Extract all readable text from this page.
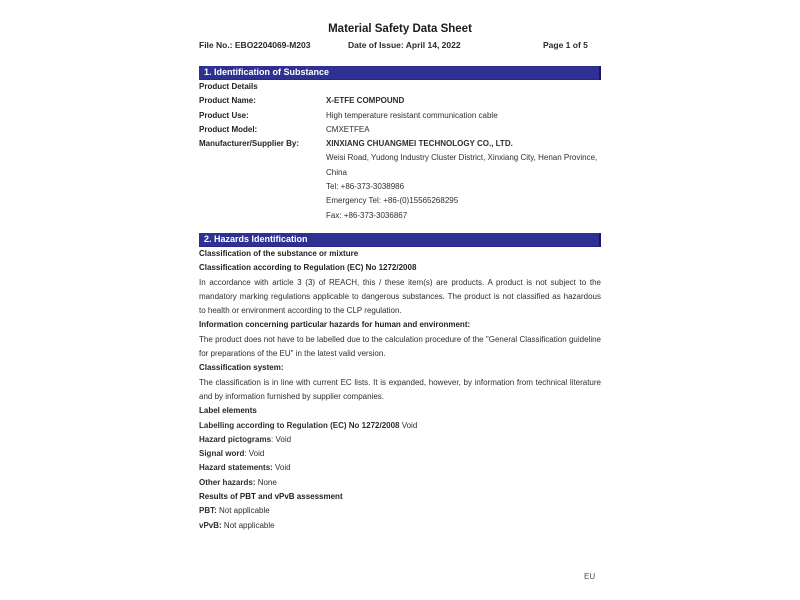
Material Safety Data Sheet
File No.: EBO2204069-M203	Date of Issue: April 14, 2022	Page 1 of 5
1. Identification of Substance
Product Details
Product Name:	X-ETFE COMPOUND
Product Use:	High temperature resistant communication cable
Product Model:	CMXETFEA
Manufacturer/Supplier By:	XINXIANG CHUANGMEI TECHNOLOGY CO., LTD.
Weisi Road, Yudong Industry Cluster District, Xinxiang City, Henan Province,
China
Tel: +86-373-3038986
Emergency Tel: +86-(0)15565268295
Fax: +86-373-3036867
2. Hazards Identification
Classification of the substance or mixture
Classification according to Regulation (EC) No 1272/2008

In accordance with article 3 (3) of REACH, this / these item(s) are products. A product is not subject to the mandatory marking regulations applicable to dangerous substances. The product is not classified as hazardous to health or environment according to the CLP regulation.

Information concerning particular hazards for human and environment:

The product does not have to be labelled due to the calculation procedure of the "General Classification guideline for preparations of the EU" in the latest valid version.

Classification system:

The classification is in line with current EC lists. It is expanded, however, by information from technical literature and by information furnished by supplier companies.

Label elements
Labelling according to Regulation (EC) No 1272/2008 Void
Hazard pictograms: Void
Signal word: Void
Hazard statements: Void
Other hazards: None
Results of PBT and vPvB assessment
PBT: Not applicable
vPvB: Not applicable
EU
